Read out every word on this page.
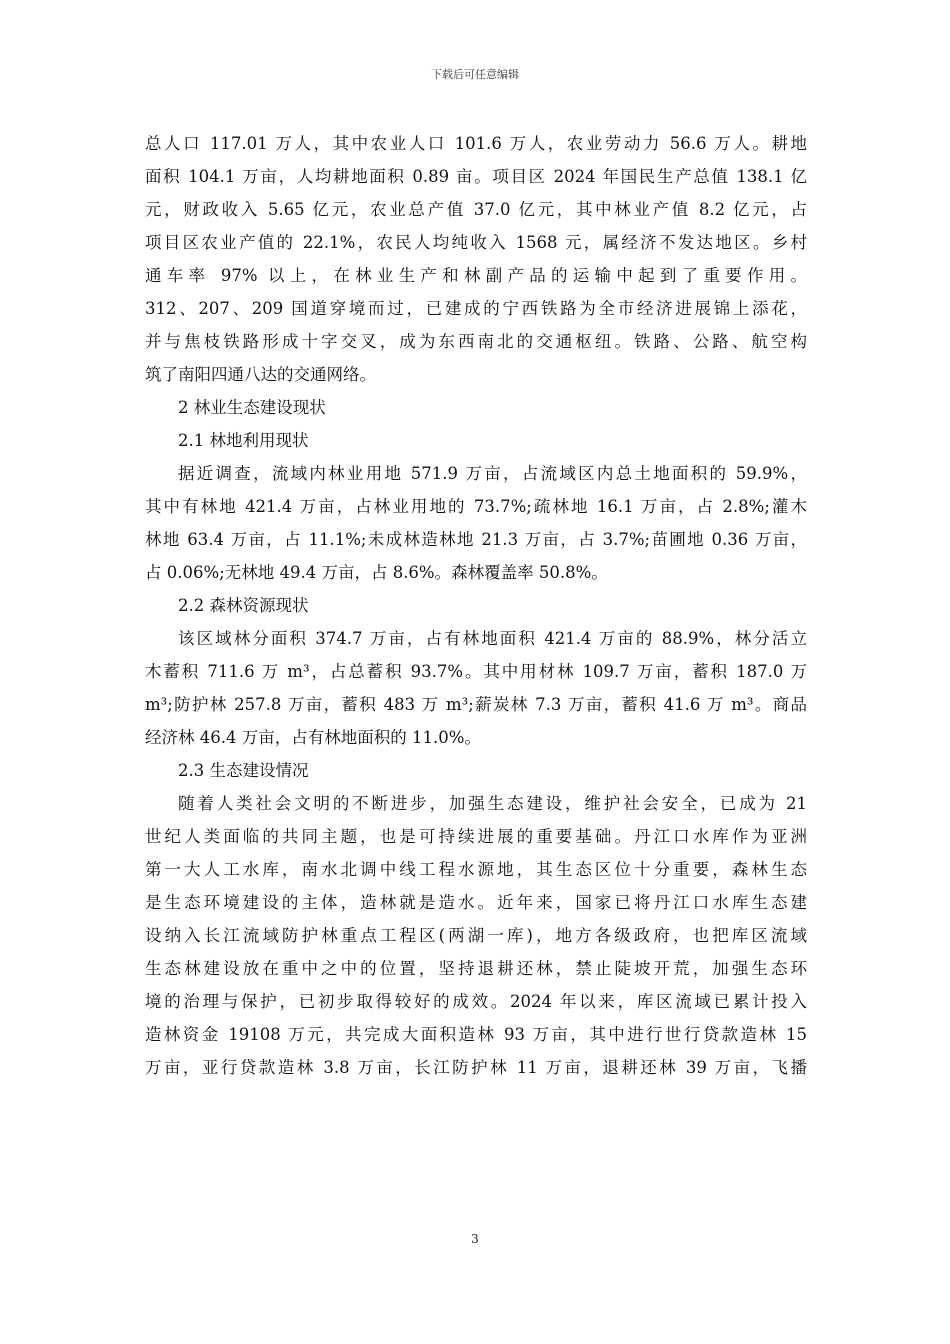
下载后可任意编辑
总人口 117.01 万人，其中农业人口 101.6 万人，农业劳动力 56.6 万人。耕地
面积 104.1 万亩，人均耕地面积 0.89 亩。项目区 2024 年国民生产总值 138.1 亿
元，财政收入 5.65 亿元，农业总产值 37.0 亿元，其中林业产值 8.2 亿元，占
项目区农业产值的 22.1%，农民人均纯收入 1568 元，属经济不发达地区。乡村
通车率 97% 以上，在林业生产和林副产品的运输中起到了重要作用。
312、207、209 国道穿境而过，已建成的宁西铁路为全市经济进展锦上添花，
并与焦枝铁路形成十字交叉，成为东西南北的交通枢纽。铁路、公路、航空构
筑了南阳四通八达的交通网络。
2 林业生态建设现状
2.1 林地利用现状
据近调查，流域内林业用地 571.9 万亩，占流域区内总土地面积的 59.9%，
其中有林地 421.4 万亩，占林业用地的 73.7%;疏林地 16.1 万亩，占 2.8%;灌木
林地 63.4 万亩，占 11.1%;未成林造林地 21.3 万亩，占 3.7%;苗圃地 0.36 万亩，
占 0.06%;无林地 49.4 万亩，占 8.6%。森林覆盖率 50.8%。
2.2 森林资源现状
该区域林分面积 374.7 万亩，占有林地面积 421.4 万亩的 88.9%，林分活立
木蓄积 711.6 万 m³，占总蓄积 93.7%。其中用材林 109.7 万亩，蓄积 187.0 万
m³;防护林 257.8 万亩，蓄积 483 万 m³;薪炭林 7.3 万亩，蓄积 41.6 万 m³。商品
经济林 46.4 万亩，占有林地面积的 11.0%。
2.3 生态建设情况
随着人类社会文明的不断进步，加强生态建设，维护社会安全，已成为 21
世纪人类面临的共同主题，也是可持续进展的重要基础。丹江口水库作为亚洲
第一大人工水库，南水北调中线工程水源地，其生态区位十分重要，森林生态
是生态环境建设的主体，造林就是造水。近年来，国家已将丹江口水库生态建
设纳入长江流域防护林重点工程区(两湖一库)，地方各级政府，也把库区流域
生态林建设放在重中之中的位置，坚持退耕还林，禁止陡坡开荒，加强生态环
境的治理与保护，已初步取得较好的成效。2024 年以来，库区流域已累计投入
造林资金 19108 万元，共完成大面积造林 93 万亩，其中进行世行贷款造林 15
万亩，亚行贷款造林 3.8 万亩，长江防护林 11 万亩，退耕还林 39 万亩，飞播
3
